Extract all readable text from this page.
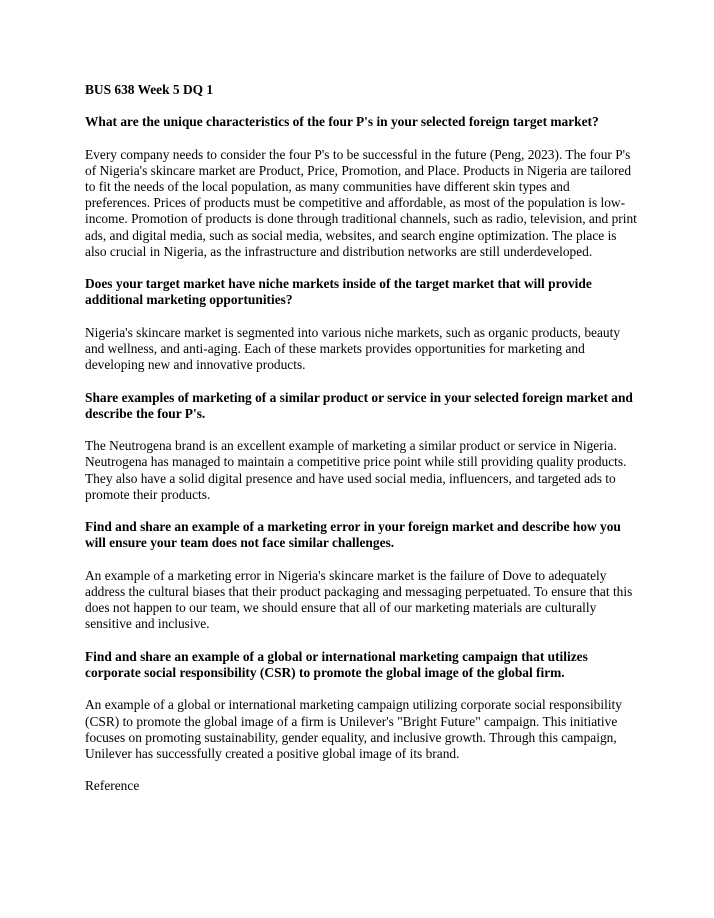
BUS 638 Week 5 DQ 1

What are the unique characteristics of the four P's in your selected foreign target market?

Every company needs to consider the four P's to be successful in the future (Peng, 2023). The four P's of Nigeria's skincare market are Product, Price, Promotion, and Place. Products in Nigeria are tailored to fit the needs of the local population, as many communities have different skin types and preferences. Prices of products must be competitive and affordable, as most of the population is low-income. Promotion of products is done through traditional channels, such as radio, television, and print ads, and digital media, such as social media, websites, and search engine optimization. The place is also crucial in Nigeria, as the infrastructure and distribution networks are still underdeveloped.

Does your target market have niche markets inside of the target market that will provide additional marketing opportunities?

Nigeria's skincare market is segmented into various niche markets, such as organic products, beauty and wellness, and anti-aging. Each of these markets provides opportunities for marketing and developing new and innovative products.

Share examples of marketing of a similar product or service in your selected foreign market and describe the four P's.

The Neutrogena brand is an excellent example of marketing a similar product or service in Nigeria. Neutrogena has managed to maintain a competitive price point while still providing quality products. They also have a solid digital presence and have used social media, influencers, and targeted ads to promote their products.

Find and share an example of a marketing error in your foreign market and describe how you will ensure your team does not face similar challenges.

An example of a marketing error in Nigeria's skincare market is the failure of Dove to adequately address the cultural biases that their product packaging and messaging perpetuated. To ensure that this does not happen to our team, we should ensure that all of our marketing materials are culturally sensitive and inclusive.

Find and share an example of a global or international marketing campaign that utilizes corporate social responsibility (CSR) to promote the global image of the global firm.

An example of a global or international marketing campaign utilizing corporate social responsibility (CSR) to promote the global image of a firm is Unilever's "Bright Future" campaign. This initiative focuses on promoting sustainability, gender equality, and inclusive growth. Through this campaign, Unilever has successfully created a positive global image of its brand.

Reference
